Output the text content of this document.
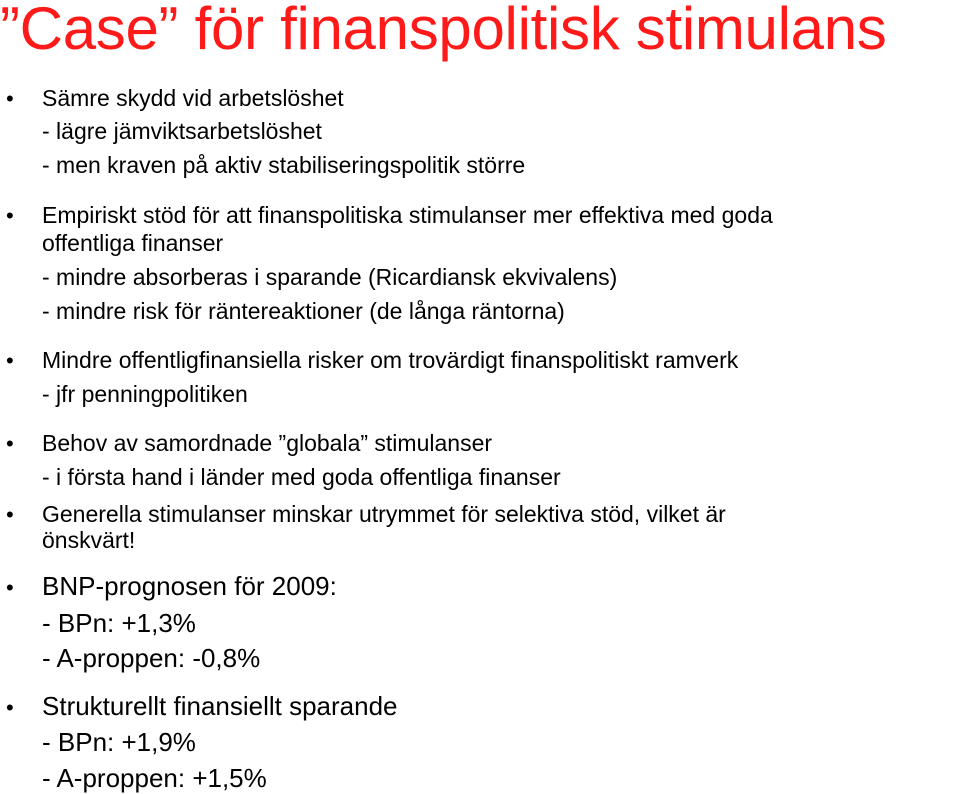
”Case” för finanspolitisk stimulans
• Sämre skydd vid arbetslöshet
- lägre jämviktsarbetslöshet
- men kraven på aktiv stabiliseringspolitik större
• Empiriskt stöd för att finanspolitiska stimulanser mer effektiva med goda
offentliga finanser
- mindre absorberas i sparande (Ricardiansk ekvivalens)
- mindre risk för räntereaktioner (de långa räntorna)
• Mindre offentligfinansiella risker om trovärdigt finanspolitiskt ramverk
- jfr penningpolitiken
• Behov av samordnade ”globala” stimulanser
- i första hand i länder med goda offentliga finanser
• Generella stimulanser minskar utrymmet för selektiva stöd, vilket är
önskvärt!
• BNP-prognosen för 2009:
- BPn: +1,3%
- A-proppen: -0,8%
• Strukturellt finansiellt sparande
- BPn: +1,9%
- A-proppen: +1,5%
